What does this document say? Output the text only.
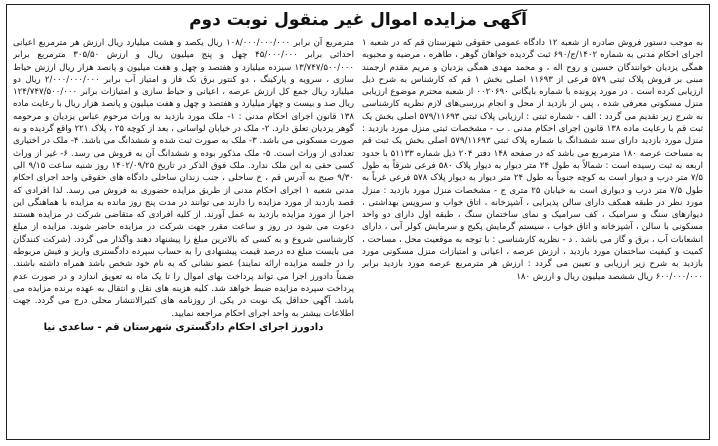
آگهی مزایده اموال غیر منقول نوبت دوم

به موجب دستور فروش صادره از شعبه ۱۲ دادگاه عمومی حقوقی شهرستان قم که در شعبه ۱ اجرای احکام مدنی به شماره ۱۴۰۲/ج/۶۹۰ ثبت گردیده خواهان گوهر ، طاهره ، مرضیه و محبوبه همگی یزدیان خوانندگان حسین و روح اله ، و محمد مهدی همگی یزدیان و مریم مقدم ارجمند مبنی بر فروش پلاک ثبتی ۵۷۹ فرعی از ۱۱۶۹۳ اصلی بخش ۱ قم که کارشناس به شرح ذیل ارزیابی کرده است . در مورد پرونده با شماره بایگانی ۰۰۲۰۶۹۰ از شعبه محترم موضوع ارزیابی منزل مسکونی معرفی شده ، پس از بازدید از محل و انجام بررسی‌های لازم نظریه کارشناسی به شرح زیر تقدیم می گردد : الف - شماره ثبتی : ارزیابی پلاک ثبتی ۵۷۹/۱۱۶۹۳ اصلی بخش یک ثبت قم با رعایت ماده ۱۳۸ قانون اجرای احکام مدنی . ب - مشخصات ثبتی منزل مورد بازدید : منزل مورد بازدید دارای سند ششدانگ با شماره پلاک ثبتی ۵۷۹/۱۱۶۹۳ اصلی بخش یک ثبت قم به مساحت عرصه ۱۸۰ مترمربع می باشد که در صفحه ۱۴۸ دفتر ۲۰۴ ذیل شماره ۵۱۱۳۳ با حدود اربعه به ثبت رسیده است : شمالاً به طول ۲۴ متر دیوار به دیوار پلاک ۵۸۰ فرعی شرقاً به طول ۷/۵ متر درب و دیوار است به کوچه جنوباً به طول ۲۴ متر دیوار به دیوار پلاک ۵۷۸ فرعی غرباً به طول ۷/۵ متر درب و دیواری است به خیابان ۲۵ متری ج - مشخصات منزل مورد بازدید : منزل مورد نظر در طبقه همکف دارای سالن پذیرایی ، آشپزخانه ، اتاق خواب و سرویس بهداشتی ، دیوارهای سنگ و سرامیک ، کف سرامیک و نمای ساختمان سنگ ، طبقه اول دارای دو واحد مسکونی با سالن ، آشپزخانه و اتاق خواب ، سیستم گرمایش پکیج و سرمایش کولر آبی ، دارای انشعابات آب ، برق و گاز می باشد . د - نظریه کارشناسی : با توجه به موقعیت محل ، مساحت ، کمیت و کیفیت ساختمان مورد بازدید ، ارزش عرصه ، اعیانی و امتیازات منزل مسکونی مورد بازدید به شرح زیر ارزیابی و تعیین می گردد : ارزش هر مترمربع عرصه مورد بازدید برابر ۶۰۰/۰۰۰/۰۰۰ ریال ششصد میلیون ریال و ارزش ۱۸۰

مترمربع آن برابر ۱۰۸/۰۰۰/۰۰۰/۰۰۰ ریال یکصد و هشت میلیارد ریال ارزش هر مترمربع اعیانی احداثی برابر ۴۵/۰۰۰/۰۰۰ چهل و پنج میلیون ریال و ارزش ۳۰۵/۵۰ مترمربع برابر ۱۳/۷۴۷/۵۰۰/۰۰۰ سیزده میلیارد و هفتصد و چهل و هفت میلیون و پانصد هزار ریال ارزش حیاط سازی ، سرویه و پارکینگ ، دو کنتور برق تک فاز و امتیاز آب برابر ۲/۰۰۰/۰۰۰/۰۰۰ ریال دو میلیارد ریال جمع کل ارزش عرصه ، اعیانی و حیاط سازی و امتیازات برابر ۱۲۴/۷۴۷/۵۰۰/۰۰۰ ریال صد و بیست و چهار میلیارد و هفتصد و چهل و هفت میلیون و پانصد هزار ریال با رعایت ماده ۱۳۸ قانون اجرای احکام مدنی : ۱- ملک مورد بازدید به وراث مرحوم عباس یزدیان و مرحومه گوهر یزدیان تعلق دارد. ۲- ملک در خیابان لواسانی ، بعد از کوچه ۲۵ ، پلاک ۲۲۱ واقع گردیده و به صورت مسکونی می باشد. ۳- ملک به صورت ثبت شده و ششدانگ می باشد. ۴- ملک در اختیاری تعدادی از وراث است. ۵- ملک مذکور بوده و ششدانگ آن به فروش می رسد. ۶- غیر از وراث کسی حقی به این ملک ندارد. ملک فوق الذکر در تاریخ ۱۴۰۲/۰۹/۲۵ روز شنبه ساعت ۹/۱۵ الی ۹/۳۰ صبح به آدرس قم ، خ ساحلی ، جنب زندان ساحلی دادگاه های حقوقی واحد اجرای احکام مدنی شعبه ۱ اجرای احکام مدنی از طریق مزایده حضوری به فروش می رسد. لذا افرادی که قصد بازدید از مورد مزایده را دارند می توانند در مدت پنج روز مانده به مزایده با هماهنگی این اجرا از مورد مزایده بازدید به عمل آورند. از کلیه افرادی که متقاضی شرکت در مزایده هستند دعوت می شود در روز و ساعت مقرر جهت شرکت در مزایده حاضر شوند. مزایده از مبلغ کارشناسی شروع و به کسی که بالاترین مبلغ را پیشنهاد دهند واگذار می گردد. (شرکت کنندگان می بایست مبلغ ده درصد قیمت پیشنهادی را به حساب سپرده دادگستری واریز و فیش مربوطه را در جلسه مزایده ارائه نمایند) عضو نشانی که به نام خود شخص باشد همراه داشته باشند. ضمناً دادورز اجرا می تواند پرداخت بهای اموال را تا یک ماه به تعویق اندازد و در صورت عدم پرداخت سپرده مزایده ضبط خواهد شد. کلیه هزینه های نقل و انتقال به عهده برنده مزایده می باشد. آگهی حداقل یک نوبت در یکی از روزنامه های کثیرالانتشار محلی درج می گردد. جهت اطلاعات بیشتر به واحد اجرای احکام مراجعه نمایید.

دادورز اجرای احکام دادگستری شهرستان قم - ساعدی نیا
